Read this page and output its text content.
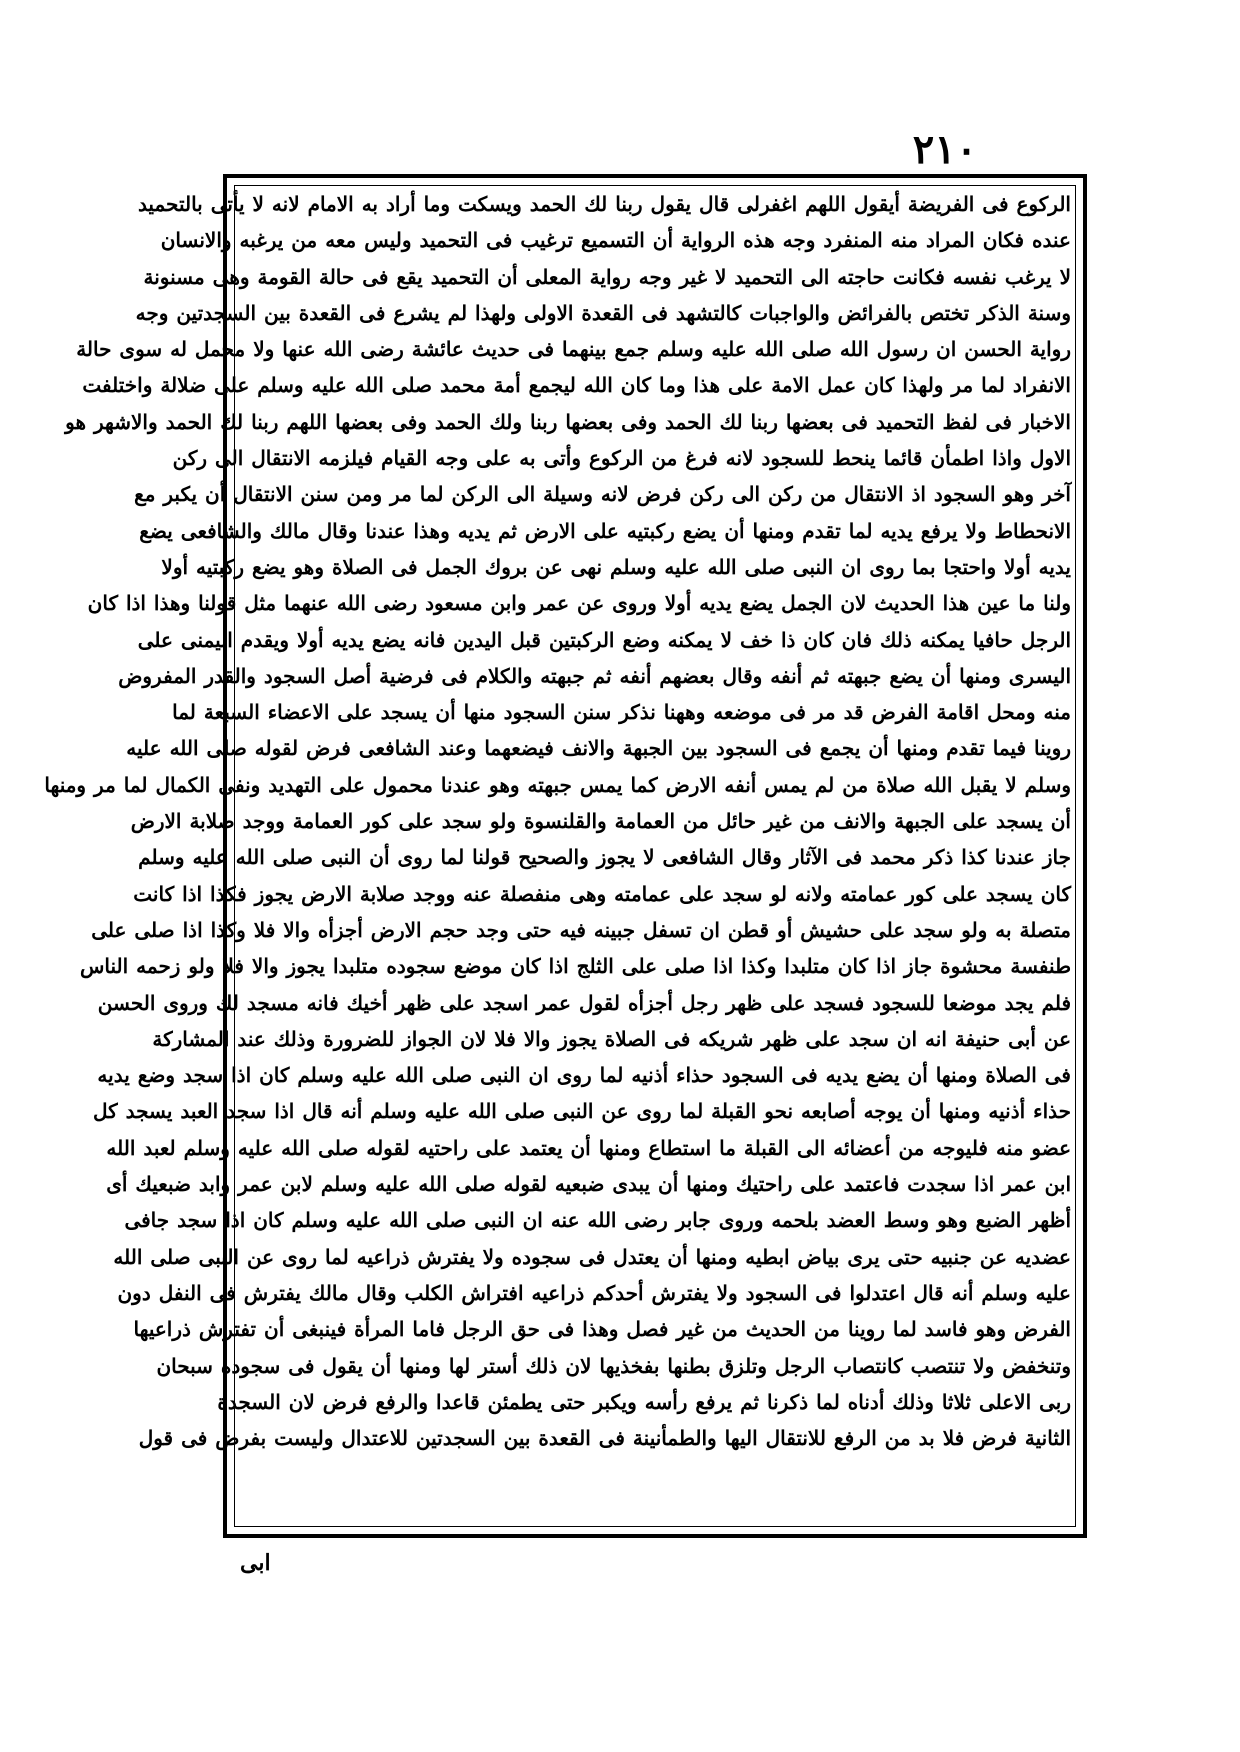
٢١٠
الركوع فى الفريضة أيقول اللهم اغفرلى قال يقول ربنا لك الحمد ويسكت وما أراد به الامام لانه لا يأتى بالتحميد
عنده فكان المراد منه المنفرد وجه هذه الرواية أن التسميع ترغيب فى التحميد وليس معه من يرغبه والانسان
لا يرغب نفسه فكانت حاجته الى التحميد لا غير وجه رواية المعلى أن التحميد يقع فى حالة القومة وهى مسنونة
وسنة الذكر تختص بالفرائض والواجبات كالتشهد فى القعدة الاولى ولهذا لم يشرع فى القعدة بين السجدتين وجه
رواية الحسن ان رسول الله صلى الله عليه وسلم جمع بينهما فى حديث عائشة رضى الله عنها ولا محمل له سوى حالة
الانفراد لما مر ولهذا كان عمل الامة على هذا وما كان الله ليجمع أمة محمد صلى الله عليه وسلم على ضلالة واختلفت
الاخبار فى لفظ التحميد فى بعضها ربنا لك الحمد وفى بعضها ربنا ولك الحمد وفى بعضها اللهم ربنا لك الحمد والاشهر هو
الاول واذا اطمأن قائما ينحط للسجود لانه فرغ من الركوع وأتى به على وجه القيام فيلزمه الانتقال الى ركن
آخر وهو السجود اذ الانتقال من ركن الى ركن فرض لانه وسيلة الى الركن لما مر ومن سنن الانتقال أن يكبر مع
الانحطاط ولا يرفع يديه لما تقدم ومنها أن يضع ركبتيه على الارض ثم يديه وهذا عندنا وقال مالك والشافعى يضع
يديه أولا واحتجا بما روى ان النبى صلى الله عليه وسلم نهى عن بروك الجمل فى الصلاة وهو يضع ركبتيه أولا
ولنا ما عين هذا الحديث لان الجمل يضع يديه أولا وروى عن عمر وابن مسعود رضى الله عنهما مثل قولنا وهذا اذا كان
الرجل حافيا يمكنه ذلك فان كان ذا خف لا يمكنه وضع الركبتين قبل اليدين فانه يضع يديه أولا ويقدم اليمنى على
اليسرى ومنها أن يضع جبهته ثم أنفه وقال بعضهم أنفه ثم جبهته والكلام فى فرضية أصل السجود والقدر المفروض
منه ومحل اقامة الفرض قد مر فى موضعه وههنا نذكر سنن السجود منها أن يسجد على الاعضاء السبعة لما
روينا فيما تقدم ومنها أن يجمع فى السجود بين الجبهة والانف فيضعهما وعند الشافعى فرض لقوله صلى الله عليه
وسلم لا يقبل الله صلاة من لم يمس أنفه الارض كما يمس جبهته وهو عندنا محمول على التهديد ونفى الكمال لما مر ومنها
أن يسجد على الجبهة والانف من غير حائل من العمامة والقلنسوة ولو سجد على كور العمامة ووجد صلابة الارض
جاز عندنا كذا ذكر محمد فى الآثار وقال الشافعى لا يجوز والصحيح قولنا لما روى أن النبى صلى الله عليه وسلم
كان يسجد على كور عمامته ولانه لو سجد على عمامته وهى منفصلة عنه ووجد صلابة الارض يجوز فكذا اذا كانت
متصلة به ولو سجد على حشيش أو قطن ان تسفل جبينه فيه حتى وجد حجم الارض أجزأه والا فلا وكذا اذا صلى على
طنفسة محشوة جاز اذا كان متلبدا وكذا اذا صلى على الثلج اذا كان موضع سجوده متلبدا يجوز والا فلا ولو زحمه الناس
فلم يجد موضعا للسجود فسجد على ظهر رجل أجزأه لقول عمر اسجد على ظهر أخيك فانه مسجد لك وروى الحسن
عن أبى حنيفة انه ان سجد على ظهر شريكه فى الصلاة يجوز والا فلا لان الجواز للضرورة وذلك عند المشاركة
فى الصلاة ومنها أن يضع يديه فى السجود حذاء أذنيه لما روى ان النبى صلى الله عليه وسلم كان اذا سجد وضع يديه
حذاء أذنيه ومنها أن يوجه أصابعه نحو القبلة لما روى عن النبى صلى الله عليه وسلم أنه قال اذا سجد العبد يسجد كل
عضو منه فليوجه من أعضائه الى القبلة ما استطاع ومنها أن يعتمد على راحتيه لقوله صلى الله عليه وسلم لعبد الله
ابن عمر اذا سجدت فاعتمد على راحتيك ومنها أن يبدى ضبعيه لقوله صلى الله عليه وسلم لابن عمر وابد ضبعيك أى
أظهر الضبع وهو وسط العضد بلحمه وروى جابر رضى الله عنه ان النبى صلى الله عليه وسلم كان اذا سجد جافى
عضديه عن جنبيه حتى يرى بياض ابطيه ومنها أن يعتدل فى سجوده ولا يفترش ذراعيه لما روى عن النبى صلى الله
عليه وسلم أنه قال اعتدلوا فى السجود ولا يفترش أحدكم ذراعيه افتراش الكلب وقال مالك يفترش فى النفل دون
الفرض وهو فاسد لما روينا من الحديث من غير فصل وهذا فى حق الرجل فاما المرأة فينبغى أن تفترش ذراعيها
وتنخفض ولا تنتصب كانتصاب الرجل وتلزق بطنها بفخذيها لان ذلك أستر لها ومنها أن يقول فى سجوده سبحان
ربى الاعلى ثلاثا وذلك أدناه لما ذكرنا ثم يرفع رأسه ويكبر حتى يطمئن قاعدا والرفع فرض لان السجدة
الثانية فرض فلا بد من الرفع للانتقال اليها والطمأنينة فى القعدة بين السجدتين للاعتدال وليست بفرض فى قول
ابی
